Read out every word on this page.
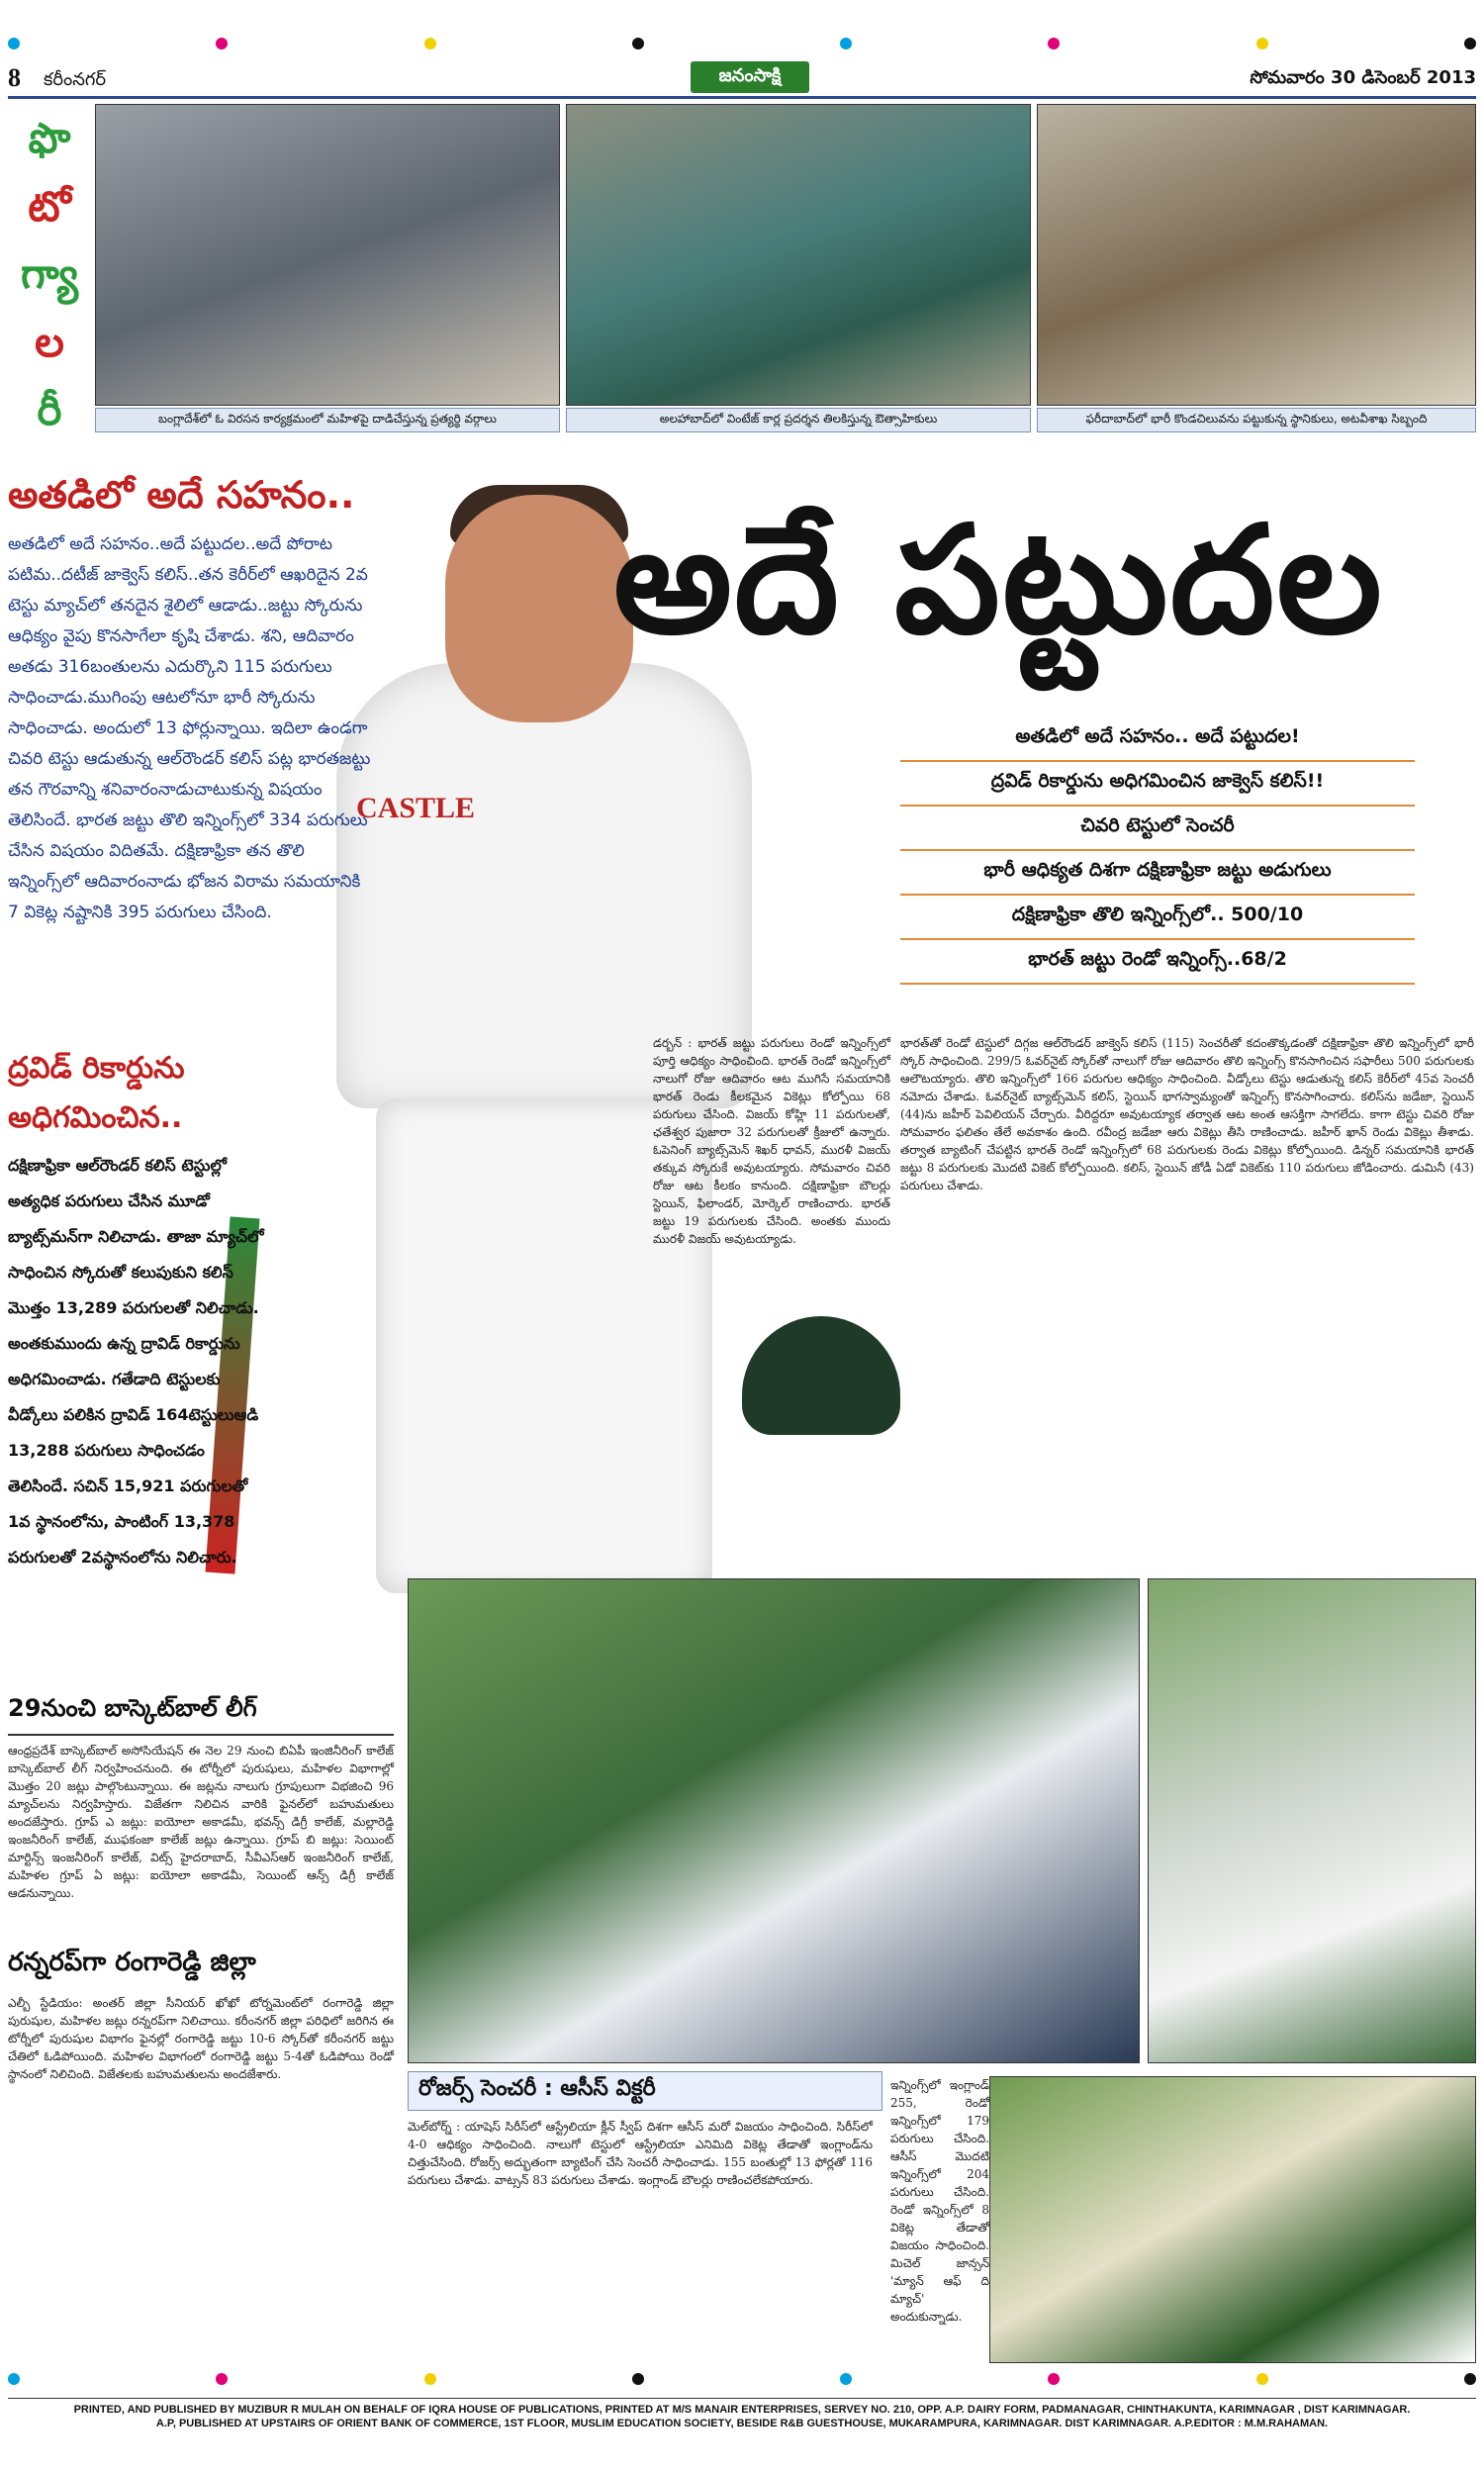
8 కరీంనగర్	జనంసాక్షి	సోమవారం 30 డిసెంబర్ 2013
ఫొ
టో
గ్యా
ల
రీ	బంగ్లాదేశ్‌లో ఓ విరసన కార్యక్రమంలో మహిళపై దాడిచేస్తున్న ప్రత్యర్థి వర్గాలు	అలహాబాద్‌లో వింటేజ్ కార్ల ప్రదర్శన తిలకిస్తున్న ఔత్సాహికులు	ఫరీదాబాద్‌లో భారీ కొండచిలువను పట్టుకున్న స్థానికులు, అటవీశాఖ సిబ్బంది
CASTLE
అతడిలో అదే సహనం..
అతడిలో అదే సహనం..అదే పట్టుదల..అదే పోరాట పటిమ..దటీజ్ జాక్వెస్ కలిస్..తన కెరీర్‌లో ఆఖరిదైన 2వ టెస్టు మ్యాచ్‌లో తనదైన శైలిలో ఆడాడు..జట్టు స్కోరును ఆధిక్యం వైపు కొనసాగేలా కృషి చేశాడు. శని, ఆదివారం అతడు 316బంతులను ఎదుర్కొని 115 పరుగులు సాధించాడు.ముగింపు ఆటలోనూ భారీ స్కోరును సాధించాడు. అందులో 13 ఫోర్లున్నాయి. ఇదిలా ఉండగా చివరి టెస్టు ఆడుతున్న ఆల్‌రౌండర్ కలిస్ పట్ల భారతజట్టు తన గౌరవాన్ని శనివారంనాడుచాటుకున్న విషయం తెలిసిందే. భారత జట్టు తొలి ఇన్నింగ్స్‌లో 334 పరుగులు చేసిన విషయం విదితమే. దక్షిణాఫ్రికా తన తొలి ఇన్నింగ్స్‌లో ఆదివారంనాడు భోజన విరామ సమయానికి 7 వికెట్ల నష్టానికి 395 పరుగులు చేసింది.
అదే పట్టుదల
అతడిలో అదే సహనం.. అదే పట్టుదల!
ద్రవిడ్ రికార్డును అధిగమించిన జాక్వెస్ కలిస్!!
చివరి టెస్టులో సెంచరీ
భారీ ఆధిక్యత దిశగా దక్షిణాఫ్రికా జట్టు అడుగులు
దక్షిణాఫ్రికా తొలి ఇన్నింగ్స్‌లో.. 500/10
భారత్ జట్టు రెండో ఇన్నింగ్స్..68/2
ద్రవిడ్ రికార్డును అధిగమించిన..
దక్షిణాఫ్రికా ఆల్‌రౌండర్ కలిస్ టెస్టుల్లో అత్యధిక పరుగులు చేసిన మూడో బ్యాట్స్‌మన్‌గా నిలిచాడు. తాజా మ్యాచ్‌లో సాధించిన స్కోరుతో కలుపుకుని కలిస్ మొత్తం 13,289 పరుగులతో నిలిచాడు. అంతకుముందు ఉన్న ద్రావిడ్ రికార్డును అధిగమించాడు. గతేడాది టెస్టులకు వీడ్కోలు పలికిన ద్రావిడ్ 164టెస్టులుఆడి 13,288 పరుగులు సాధించడం తెలిసిందే. సచిన్ 15,921 పరుగులతో 1వ స్థానంలోను, పాంటింగ్ 13,378 పరుగులతో 2వస్థానంలోను నిలిచారు.
డర్బన్ : భారత్ జట్టు పరుగులు రెండో ఇన్నింగ్స్‌లో పూర్తి ఆధిక్యం సాధించింది. భారత్ రెండో ఇన్నింగ్స్‌లో నాలుగో రోజు ఆదివారం ఆట ముగిసే సమయానికి భారత్ రెండు కీలకమైన వికెట్లు కోల్పోయి 68 పరుగులు చేసింది. విజయ్ కోహ్లి 11 పరుగులతో, ఛతేశ్వర పుజారా 32 పరుగులతో క్రీజులో ఉన్నారు. ఓపెనింగ్ బ్యాట్స్‌మెన్ శిఖర్ ధావన్, మురళీ విజయ్ తక్కువ స్కోరుకే అవుటయ్యారు. సోమవారం చివరి రోజు ఆట కీలకం కానుంది. దక్షిణాఫ్రికా బౌలర్లు స్టెయిన్, ఫిలాండర్, మోర్కెల్ రాణించారు. భారత్ జట్టు 19 పరుగులకు చేసింది. అంతకు ముందు మురళీ విజయ్ అవుటయ్యాడు.
భారత్‌తో రెండో టెస్టులో దిగ్గజ ఆల్‌రౌండర్ జాక్వెస్ కలిస్ (115) సెంచరీతో కదంతొక్కడంతో దక్షిణాఫ్రికా తొలి ఇన్నింగ్స్‌లో భారీ స్కోర్ సాధించింది. 299/5 ఓవర్‌నైట్ స్కోర్‌తో నాలుగో రోజు ఆదివారం తొలి ఇన్నింగ్స్ కొనసాగించిన సఫారీలు 500 పరుగులకు ఆలౌటయ్యారు. తొలి ఇన్నింగ్స్‌లో 166 పరుగుల ఆధిక్యం సాధించింది. వీడ్కోలు టెస్టు ఆడుతున్న కలిస్ కెరీర్‌లో 45వ సెంచరీ నమోదు చేశాడు. ఓవర్‌నైట్ బ్యాట్స్‌మెన్ కలిస్, స్టెయిన్ భాగస్వామ్యంతో ఇన్నింగ్స్ కొనసాగించారు. కలిస్‌ను జడేజా, స్టెయిన్ (44)ను జహీర్ పెవిలియన్ చేర్చారు. వీరిద్దరూ అవుటయ్యాక తర్వాత ఆట అంత ఆసక్తిగా సాగలేదు. కాగా టెస్టు చివరి రోజు సోమవారం ఫలితం తేలే అవకాశం ఉంది. రవీంద్ర జడేజా ఆరు వికెట్లు తీసి రాణించాడు. జహీర్ ఖాన్ రెండు వికెట్లు తీశాడు. తర్వాత బ్యాటింగ్ చేపట్టిన భారత్ రెండో ఇన్నింగ్స్‌లో 68 పరుగులకు రెండు వికెట్లు కోల్పోయింది. డిన్నర్ సమయానికి భారత్ జట్టు 8 పరుగులకు మొదటి వికెట్ కోల్పోయింది. కలిస్, స్టెయిన్ జోడీ ఏడో వికెట్‌కు 110 పరుగులు జోడించారు. డుమినీ (43) పరుగులు చేశాడు.
29నుంచి బాస్కెట్‌బాల్ లీగ్
ఆంధ్రప్రదేశ్ బాస్కెట్‌బాల్ అసోసియేషన్ ఈ నెల 29 నుంచి బిఏపీ ఇంజినీరింగ్ కాలేజ్ బాస్కెట్‌బాల్ లీగ్ నిర్వహించనుంది. ఈ టోర్నీలో పురుషులు, మహిళల విభాగాల్లో మొత్తం 20 జట్లు పాల్గొంటున్నాయి. ఈ జట్లను నాలుగు గ్రూపులుగా విభజించి 96 మ్యాచ్‌లను నిర్వహిస్తారు. విజేతగా నిలిచిన వారికి ఫైనల్‌లో బహుమతులు అందజేస్తారు. గ్రూప్ ఎ జట్లు: ఐయోలా అకాడమీ, భవన్స్ డిగ్రీ కాలేజ్, మల్లారెడ్డి ఇంజనీరింగ్ కాలేజ్, ముఫకంజా కాలేజ్ జట్లు ఉన్నాయి. గ్రూప్ బి జట్లు: సెయింట్ మార్టిన్స్ ఇంజనీరింగ్ కాలేజ్, విట్స్ హైదరాబాద్, సీవీఎస్‌ఆర్ ఇంజనీరింగ్ కాలేజ్, మహిళల గ్రూప్ ఏ జట్లు: ఐయోలా అకాడమీ, సెయింట్ ఆన్స్ డిగ్రీ కాలేజ్ ఆడనున్నాయి.
రన్నరప్‌గా రంగారెడ్డి జిల్లా
ఎల్బీ స్టేడియం: అంతర్ జిల్లా సీనియర్ ఖోఖో టోర్నమెంట్‌లో రంగారెడ్డి జిల్లా పురుషుల, మహిళల జట్లు రన్నరప్‌గా నిలిచాయి. కరీంనగర్ జిల్లా పరిధిలో జరిగిన ఈ టోర్నీలో పురుషుల విభాగం ఫైనల్లో రంగారెడ్డి జట్టు 10-6 స్కోర్‌తో కరీంనగర్ జట్టు చేతిలో ఓడిపోయింది. మహిళల విభాగంలో రంగారెడ్డి జట్టు 5-4తో ఓడిపోయి రెండో స్థానంలో నిలిచింది. విజేతలకు బహుమతులను అందజేశారు.
రోజర్స్ సెంచరీ : ఆసీస్ విక్టరీ
మెల్‌బోర్న్ : యాషెస్ సిరీస్‌లో ఆస్ట్రేలియా క్లీన్ స్వీప్ దిశగా ఆసీస్ మరో విజయం సాధించింది. సిరీస్‌లో 4-0 ఆధిక్యం సాధించింది. నాలుగో టెస్టులో ఆస్ట్రేలియా ఎనిమిది వికెట్ల తేడాతో ఇంగ్లాండ్‌ను చిత్తుచేసింది. రోజర్స్ అద్భుతంగా బ్యాటింగ్ చేసి సెంచరీ సాధించాడు. 155 బంతుల్లో 13 ఫోర్లతో 116 పరుగులు చేశాడు. వాట్సన్ 83 పరుగులు చేశాడు. ఇంగ్లాండ్ బౌలర్లు రాణించలేకపోయారు.
ఇన్నింగ్స్‌లో ఇంగ్లాండ్ 255, రెండో ఇన్నింగ్స్‌లో 179 పరుగులు చేసింది. ఆసీస్ మొదటి ఇన్నింగ్స్‌లో 204 పరుగులు చేసింది. రెండో ఇన్నింగ్స్‌లో 8 వికెట్ల తేడాతో విజయం సాధించింది. మిచెల్ జాన్సన్ 'మ్యాన్ ఆఫ్ ది మ్యాచ్' అందుకున్నాడు.
PRINTED, AND PUBLISHED BY MUZIBUR R MULAH ON BEHALF OF IQRA HOUSE OF PUBLICATIONS, PRINTED AT M/S MANAIR ENTERPRISES, SERVEY NO. 210, OPP. A.P. DAIRY FORM, PADMANAGAR, CHINTHAKUNTA, KARIMNAGAR , DIST KARIMNAGAR.
A.P, PUBLISHED AT UPSTAIRS OF ORIENT BANK OF COMMERCE, 1ST FLOOR, MUSLIM EDUCATION SOCIETY, BESIDE R&B GUESTHOUSE, MUKARAMPURA, KARIMNAGAR. DIST KARIMNAGAR. A.P.EDITOR : M.M.RAHAMAN.
